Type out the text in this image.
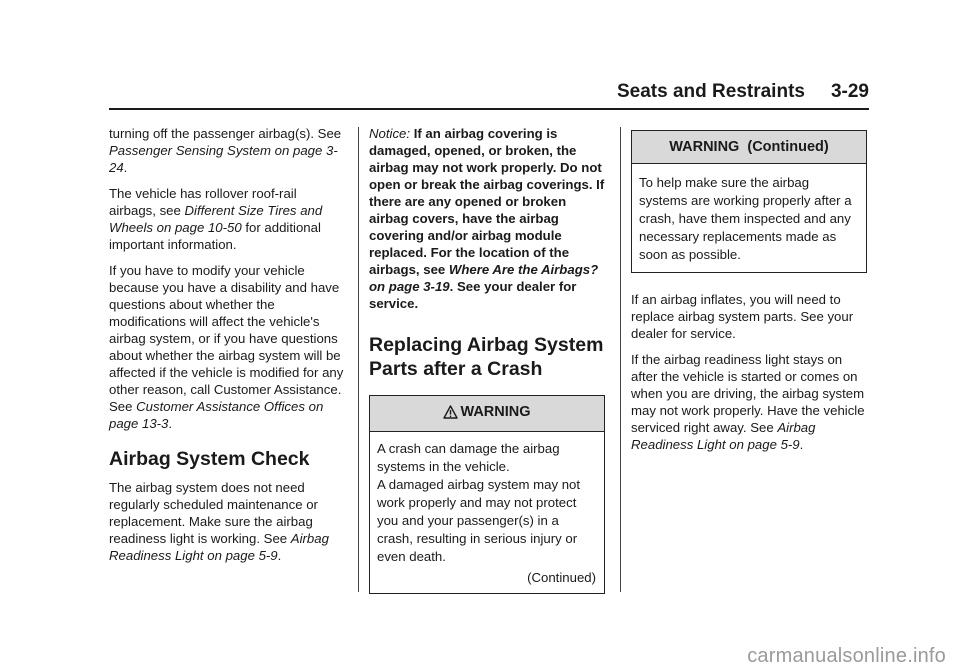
Seats and Restraints 3-29

turning off the passenger airbag(s). See Passenger Sensing System on page 3-24.

The vehicle has rollover roof-rail airbags, see Different Size Tires and Wheels on page 10-50 for additional important information.

If you have to modify your vehicle because you have a disability and have questions about whether the modifications will affect the vehicle's airbag system, or if you have questions about whether the airbag system will be affected if the vehicle is modified for any other reason, call Customer Assistance. See Customer Assistance Offices on page 13-3.

Airbag System Check

The airbag system does not need regularly scheduled maintenance or replacement. Make sure the airbag readiness light is working. See Airbag Readiness Light on page 5-9.

Notice: If an airbag covering is damaged, opened, or broken, the airbag may not work properly. Do not open or break the airbag coverings. If there are any opened or broken airbag covers, have the airbag covering and/or airbag module replaced. For the location of the airbags, see Where Are the Airbags? on page 3-19. See your dealer for service.

Replacing Airbag System Parts after a Crash
WARNING

A crash can damage the airbag systems in the vehicle.

A damaged airbag system may not work properly and may not protect you and your passenger(s) in a crash, resulting in serious injury or even death.

(Continued)
WARNING  (Continued)

To help make sure the airbag systems are working properly after a crash, have them inspected and any necessary replacements made as soon as possible.

If an airbag inflates, you will need to replace airbag system parts. See your dealer for service.

If the airbag readiness light stays on after the vehicle is started or comes on when you are driving, the airbag system may not work properly. Have the vehicle serviced right away. See Airbag Readiness Light on page 5-9.

carmanualsonline.info
